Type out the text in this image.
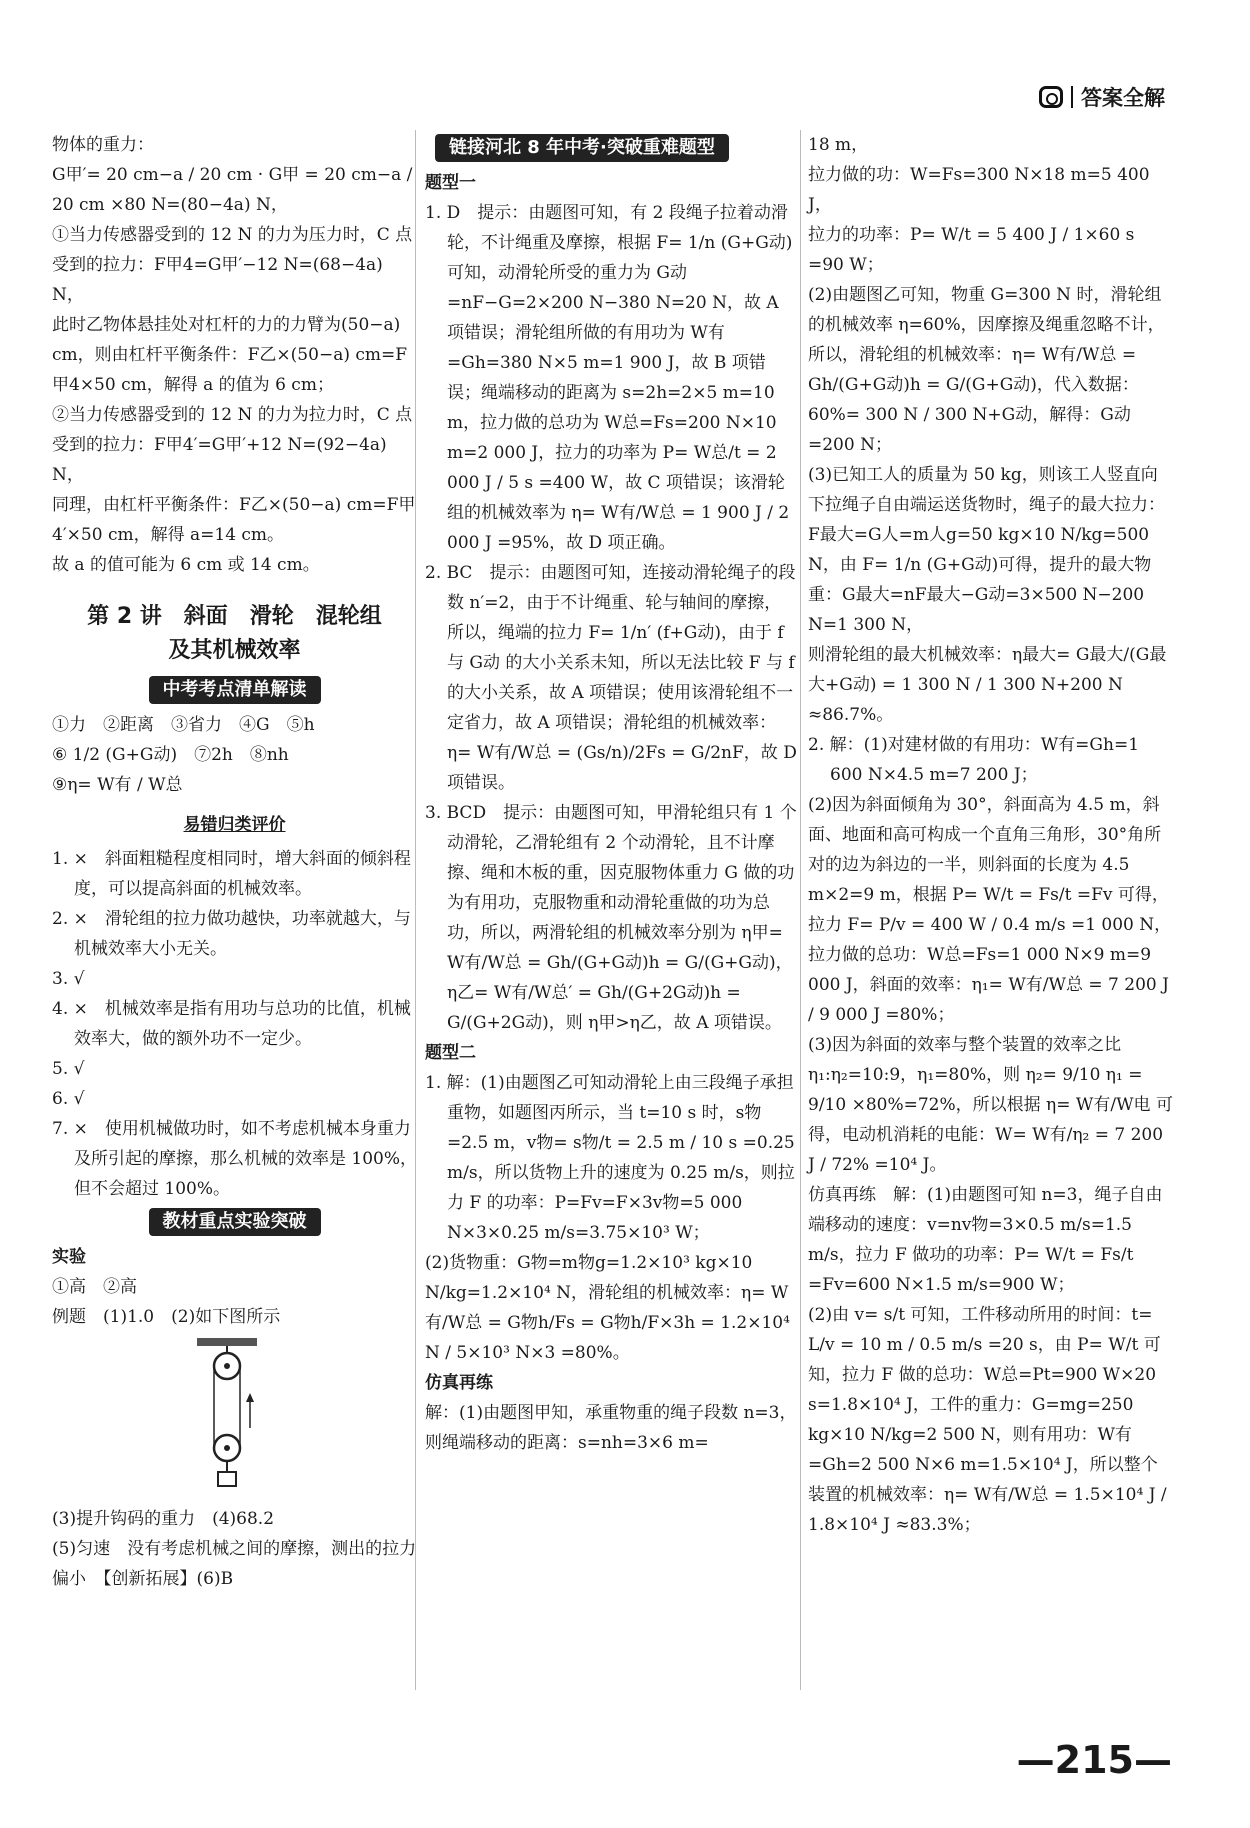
答案全解

物体的重力：

G甲′= 20 cm−a / 20 cm · G甲 = 20 cm−a / 20 cm ×80 N=(80−4a) N，

①当力传感器受到的 12 N 的力为压力时，C 点受到的拉力：F甲4=G甲′−12 N=(68−4a) N，

此时乙物体悬挂处对杠杆的力的力臂为(50−a) cm，则由杠杆平衡条件：F乙×(50−a) cm=F甲4×50 cm，解得 a 的值为 6 cm；

②当力传感器受到的 12 N 的力为拉力时，C 点受到的拉力：F甲4′=G甲′+12 N=(92−4a) N，

同理，由杠杆平衡条件：F乙×(50−a) cm=F甲4′×50 cm，解得 a=14 cm。

故 a 的值可能为 6 cm 或 14 cm。

第 2 讲　斜面　滑轮　混轮组
及其机械效率
中考考点清单解读

①力　②距离　③省力　④G　⑤h

⑥ 1/2 (G+G动)　⑦2h　⑧nh

⑨η= W有 / W总

易错归类评价

1. ×　斜面粗糙程度相同时，增大斜面的倾斜程度，可以提高斜面的机械效率。

2. ×　滑轮组的拉力做功越快，功率就越大，与机械效率大小无关。

3. √

4. ×　机械效率是指有用功与总功的比值，机械效率大，做的额外功不一定少。

5. √

6. √

7. ×　使用机械做功时，如不考虑机械本身重力及所引起的摩擦，那么机械的效率是 100%，但不会超过 100%。

教材重点实验突破

实验

①高　②高

例题　(1)1.0　(2)如下图所示

(3)提升钩码的重力　(4)68.2

(5)匀速　没有考虑机械之间的摩擦，测出的拉力偏小　【创新拓展】(6)B

链接河北 8 年中考·突破重难题型

题型一

1. D　提示：由题图可知，有 2 段绳子拉着动滑轮，不计绳重及摩擦，根据 F= 1/n (G+G动)可知，动滑轮所受的重力为 G动=nF−G=2×200 N−380 N=20 N，故 A 项错误；滑轮组所做的有用功为 W有=Gh=380 N×5 m=1 900 J，故 B 项错误；绳端移动的距离为 s=2h=2×5 m=10 m，拉力做的总功为 W总=Fs=200 N×10 m=2 000 J，拉力的功率为 P= W总/t = 2 000 J / 5 s =400 W，故 C 项错误；该滑轮组的机械效率为 η= W有/W总 = 1 900 J / 2 000 J =95%，故 D 项正确。

2. BC　提示：由题图可知，连接动滑轮绳子的段数 n′=2，由于不计绳重、轮与轴间的摩擦，所以，绳端的拉力 F= 1/n′ (f+G动)，由于 f 与 G动 的大小关系未知，所以无法比较 F 与 f 的大小关系，故 A 项错误；使用该滑轮组不一定省力，故 A 项错误；滑轮组的机械效率：η= W有/W总 = (Gs/n)/2Fs = G/2nF，故 D 项错误。

3. BCD　提示：由题图可知，甲滑轮组只有 1 个动滑轮，乙滑轮组有 2 个动滑轮，且不计摩擦、绳和木板的重，因克服物体重力 G 做的功为有用功，克服物重和动滑轮重做的功为总功，所以，两滑轮组的机械效率分别为 η甲= W有/W总 = Gh/(G+G动)h = G/(G+G动)，η乙= W有/W总′ = Gh/(G+2G动)h = G/(G+2G动)，则 η甲>η乙，故 A 项错误。

题型二

1. 解：(1)由题图乙可知动滑轮上由三段绳子承担重物，如题图丙所示，当 t=10 s 时，s物=2.5 m，v物= s物/t = 2.5 m / 10 s =0.25 m/s，所以货物上升的速度为 0.25 m/s，则拉力 F 的功率：P=Fv=F×3v物=5 000 N×3×0.25 m/s=3.75×10³ W；

(2)货物重：G物=m物g=1.2×10³ kg×10 N/kg=1.2×10⁴ N，滑轮组的机械效率：η= W有/W总 = G物h/Fs = G物h/F×3h = 1.2×10⁴ N / 5×10³ N×3 =80%。

仿真再练

解：(1)由题图甲知，承重物重的绳子段数 n=3，则绳端移动的距离：s=nh=3×6 m=

18 m，

拉力做的功：W=Fs=300 N×18 m=5 400 J，

拉力的功率：P= W/t = 5 400 J / 1×60 s =90 W；

(2)由题图乙可知，物重 G=300 N 时，滑轮组的机械效率 η=60%，因摩擦及绳重忽略不计，所以，滑轮组的机械效率：η= W有/W总 = Gh/(G+G动)h = G/(G+G动)，代入数据：60%= 300 N / 300 N+G动，解得：G动=200 N；

(3)已知工人的质量为 50 kg，则该工人竖直向下拉绳子自由端运送货物时，绳子的最大拉力：F最大=G人=m人g=50 kg×10 N/kg=500 N，由 F= 1/n (G+G动)可得，提升的最大物重：G最大=nF最大−G动=3×500 N−200 N=1 300 N，

则滑轮组的最大机械效率：η最大= G最大/(G最大+G动) = 1 300 N / 1 300 N+200 N ≈86.7%。

2. 解：(1)对建材做的有用功：W有=Gh=1 600 N×4.5 m=7 200 J；

(2)因为斜面倾角为 30°，斜面高为 4.5 m，斜面、地面和高可构成一个直角三角形，30°角所对的边为斜边的一半，则斜面的长度为 4.5 m×2=9 m，根据 P= W/t = Fs/t =Fv 可得，拉力 F= P/v = 400 W / 0.4 m/s =1 000 N，拉力做的总功：W总=Fs=1 000 N×9 m=9 000 J，斜面的效率：η₁= W有/W总 = 7 200 J / 9 000 J =80%；

(3)因为斜面的效率与整个装置的效率之比 η₁:η₂=10:9，η₁=80%，则 η₂= 9/10 η₁ = 9/10 ×80%=72%，所以根据 η= W有/W电 可得，电动机消耗的电能：W= W有/η₂ = 7 200 J / 72% =10⁴ J。

仿真再练　解：(1)由题图可知 n=3，绳子自由端移动的速度：v=nv物=3×0.5 m/s=1.5 m/s，拉力 F 做功的功率：P= W/t = Fs/t =Fv=600 N×1.5 m/s=900 W；

(2)由 v= s/t 可知，工件移动所用的时间：t= L/v = 10 m / 0.5 m/s =20 s，由 P= W/t 可知，拉力 F 做的总功：W总=Pt=900 W×20 s=1.8×10⁴ J，工件的重力：G=mg=250 kg×10 N/kg=2 500 N，则有用功：W有=Gh=2 500 N×6 m=1.5×10⁴ J，所以整个装置的机械效率：η= W有/W总 = 1.5×10⁴ J / 1.8×10⁴ J ≈83.3%；

— 215 —
